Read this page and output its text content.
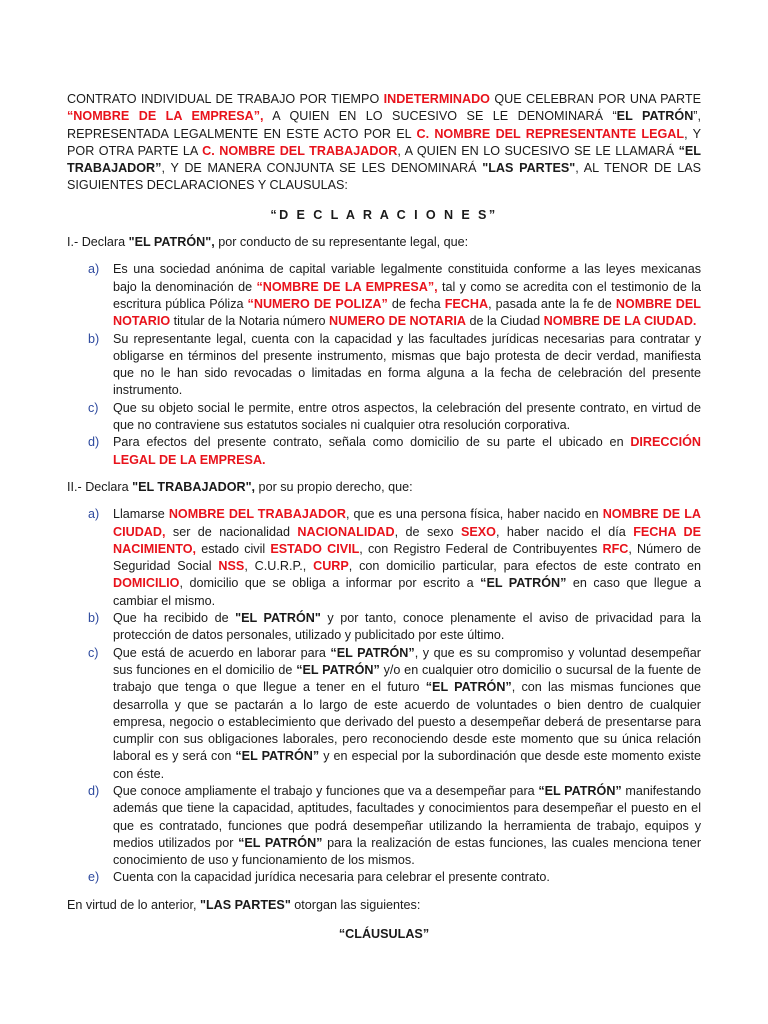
CONTRATO INDIVIDUAL DE TRABAJO POR TIEMPO INDETERMINADO QUE CELEBRAN POR UNA PARTE “NOMBRE DE LA EMPRESA”, A QUIEN EN LO SUCESIVO SE LE DENOMINARÁ “EL PATRÓN”, REPRESENTADA LEGALMENTE EN ESTE ACTO POR EL C. NOMBRE DEL REPRESENTANTE LEGAL, Y POR OTRA PARTE LA C. NOMBRE DEL TRABAJADOR, A QUIEN EN LO SUCESIVO SE LE LLAMARÁ “EL TRABAJADOR”, Y DE MANERA CONJUNTA SE LES DENOMINARÁ "LAS PARTES", AL TENOR DE LAS SIGUIENTES DECLARACIONES Y CLAUSULAS:

“D E C L A R A C I O N E S”

I.- Declara "EL PATRÓN", por conducto de su representante legal, que:

a) Es una sociedad anónima de capital variable legalmente constituida conforme a las leyes mexicanas bajo la denominación de “NOMBRE DE LA EMPRESA”, tal y como se acredita con el testimonio de la escritura pública Póliza “NUMERO DE POLIZA” de fecha FECHA, pasada ante la fe de NOMBRE DEL NOTARIO titular de la Notaria número NUMERO DE NOTARIA de la Ciudad NOMBRE DE LA CIUDAD.
b) Su representante legal, cuenta con la capacidad y las facultades jurídicas necesarias para contratar y obligarse en términos del presente instrumento, mismas que bajo protesta de decir verdad, manifiesta que no le han sido revocadas o limitadas en forma alguna a la fecha de celebración del presente instrumento.
c) Que su objeto social le permite, entre otros aspectos, la celebración del presente contrato, en virtud de que no contraviene sus estatutos sociales ni cualquier otra resolución corporativa.
d) Para efectos del presente contrato, señala como domicilio de su parte el ubicado en DIRECCIÓN LEGAL DE LA EMPRESA.

II.- Declara "EL TRABAJADOR", por su propio derecho, que:

a) Llamarse NOMBRE DEL TRABAJADOR, que es una persona física, haber nacido en NOMBRE DE LA CIUDAD, ser de nacionalidad NACIONALIDAD, de sexo SEXO, haber nacido el día FECHA DE NACIMIENTO, estado civil ESTADO CIVIL, con Registro Federal de Contribuyentes RFC, Número de Seguridad Social NSS, C.U.R.P., CURP, con domicilio particular, para efectos de este contrato en DOMICILIO, domicilio que se obliga a informar por escrito a “EL PATRÓN” en caso que llegue a cambiar el mismo.
b) Que ha recibido de "EL PATRÓN" y por tanto, conoce plenamente el aviso de privacidad para la protección de datos personales, utilizado y publicitado por este último.
c) Que está de acuerdo en laborar para “EL PATRÓN”, y que es su compromiso y voluntad desempeñar sus funciones en el domicilio de “EL PATRÓN” y/o en cualquier otro domicilio o sucursal de la fuente de trabajo que tenga o que llegue a tener en el futuro “EL PATRÓN”, con las mismas funciones que desarrolla y que se pactarán a lo largo de este acuerdo de voluntades o bien dentro de cualquier empresa, negocio o establecimiento que derivado del puesto a desempeñar deberá de presentarse para cumplir con sus obligaciones laborales, pero reconociendo desde este momento que su única relación laboral es y será con “EL PATRÓN” y en especial por la subordinación que desde este momento existe con éste.
d) Que conoce ampliamente el trabajo y funciones que va a desempeñar para “EL PATRÓN” manifestando además que tiene la capacidad, aptitudes, facultades y conocimientos para desempeñar el puesto en el que es contratado, funciones que podrá desempeñar utilizando la herramienta de trabajo, equipos y medios utilizados por “EL PATRÓN” para la realización de estas funciones, las cuales menciona tener conocimiento de uso y funcionamiento de los mismos.
e) Cuenta con la capacidad jurídica necesaria para celebrar el presente contrato.

En virtud de lo anterior, "LAS PARTES" otorgan las siguientes:

“CLÁUSULAS”
